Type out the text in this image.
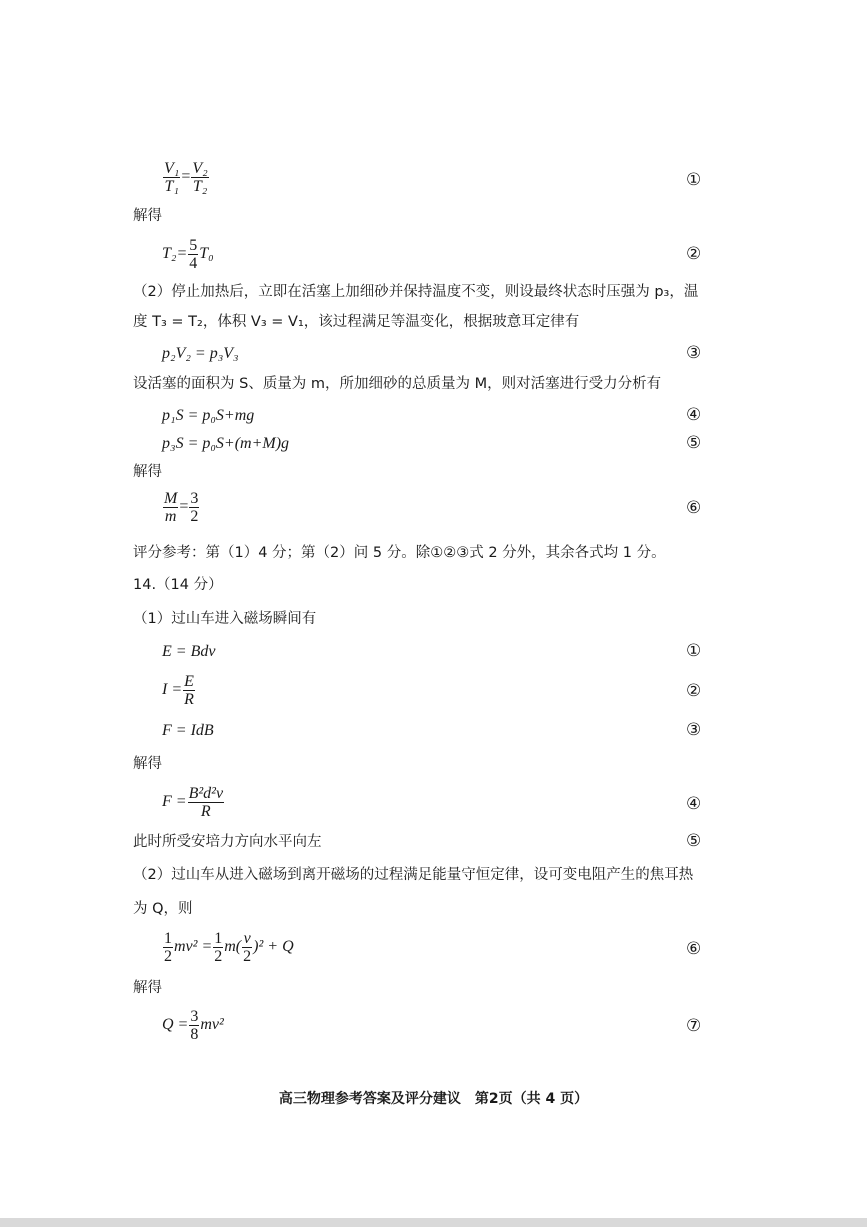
$\frac{\text{V₁}}{\text{T₁}} = \frac{\text{V₂}}{\text{T₂}}$	①
解得
$T_2= \frac{5}{4} T_0$	②
（2）停止加热后，立即在活塞上加细砂并保持温度不变，则设最终状态时压强为 p₃，温
度 T₃ = T₂，体积 V₃ = V₁，该过程满足等温变化，根据玻意耳定律有
p₂V₂ = p₃V₃	③
设活塞的面积为 S、质量为 m，所加细砂的总质量为 M，则对活塞进行受力分析有
p₁S = p₀S+mg	④
p₃S = p₀S+(m+M)g	⑤
解得
$\frac{M}{m} = \frac{3}{2}$	⑥
评分参考：第（1）4 分；第（2）问 5 分。除①②③式 2 分外，其余各式均 1 分。
14.（14 分）
（1）过山车进入磁场瞬间有
E = Bdv	①
$I = \frac{E}{R}$	②
F = IdB	③
解得
$F = \frac{\text{B²d²v}}{R}$	④
此时所受安培力方向水平向左	⑤
（2）过山车从进入磁场到离开磁场的过程满足能量守恒定律，设可变电阻产生的焦耳热
为 Q，则
$\frac{1}{2} mv^2 = \frac{1}{2} m( \frac{v}{2} )^2 + Q$	⑥
解得
$Q = \frac{3}{8} mv^2$	⑦
高三物理参考答案及评分建议　第2页（共 4 页）
